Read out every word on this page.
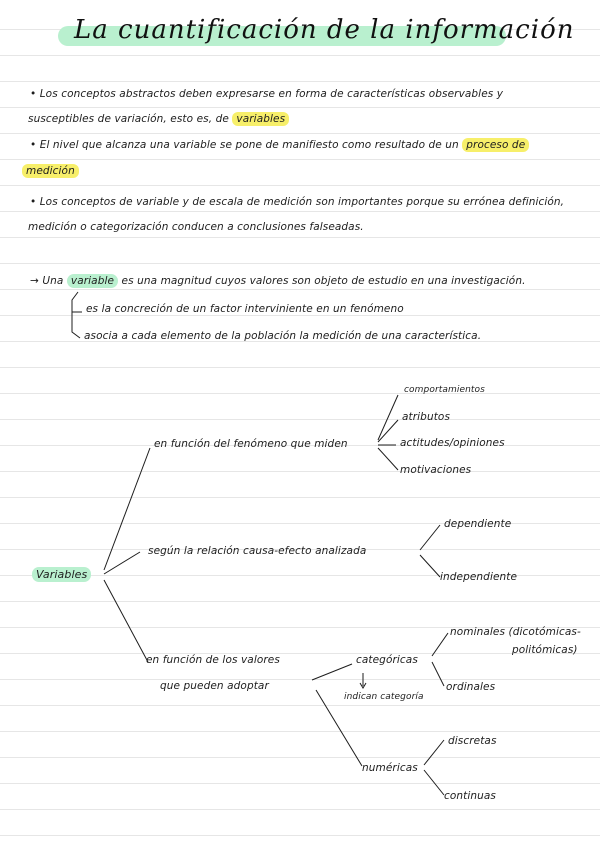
La cuantificación de la información
• Los conceptos abstractos deben expresarse en forma de características observables y
susceptibles de variación, esto es, de variables
• El nivel que alcanza una variable se pone de manifiesto como resultado de un proceso de
medición
• Los conceptos de variable y de escala de medición son importantes porque su errónea definición,
medición o categorización conducen a conclusiones falseadas.
→ Una variable es una magnitud cuyos valores son objeto de estudio en una investigación.
es la concreción de un factor interviniente en un fenómeno
asocia a cada elemento de la población la medición de una característica.
Variables
en función del fenómeno que miden
comportamientos
atributos
actitudes/opiniones
motivaciones
según la relación causa-efecto analizada
dependiente
independiente
en función de los valores
que pueden adoptar
categóricas
indican categoría
nominales (dicotómicas-
politómicas)
ordinales
numéricas
discretas
continuas
